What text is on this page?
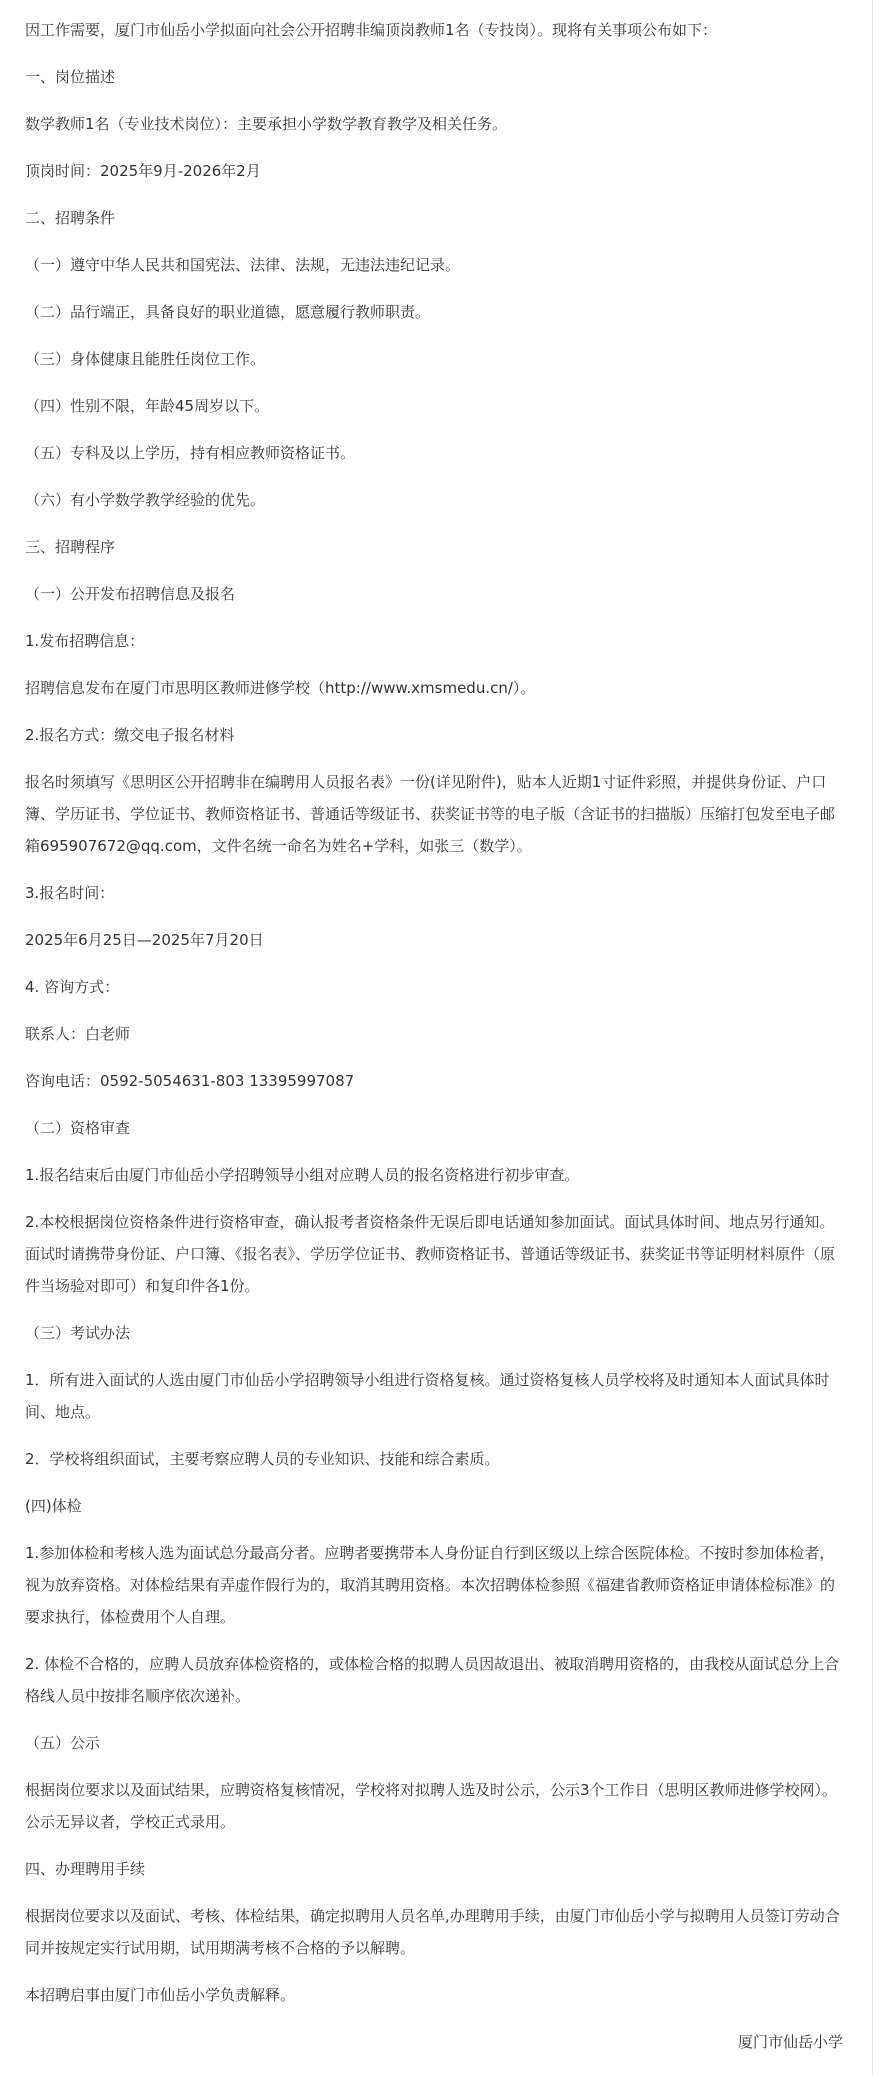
因工作需要，厦门市仙岳小学拟面向社会公开招聘非编顶岗教师1名（专技岗）。现将有关事项公布如下：

一、岗位描述

数学教师1名（专业技术岗位）：主要承担小学数学教育教学及相关任务。

顶岗时间：2025年9月-2026年2月

二、招聘条件

（一）遵守中华人民共和国宪法、法律、法规，无违法违纪记录。

（二）品行端正，具备良好的职业道德，愿意履行教师职责。

（三）身体健康且能胜任岗位工作。

（四）性别不限，年龄45周岁以下。

（五）专科及以上学历，持有相应教师资格证书。

（六）有小学数学教学经验的优先。

三、招聘程序

（一）公开发布招聘信息及报名

1.发布招聘信息：

招聘信息发布在厦门市思明区教师进修学校（http://www.xmsmedu.cn/）。

2.报名方式：缴交电子报名材料

报名时须填写《思明区公开招聘非在编聘用人员报名表》一份(详见附件)，贴本人近期1寸证件彩照，并提供身份证、户口簿、学历证书、学位证书、教师资格证书、普通话等级证书、获奖证书等的电子版（含证书的扫描版）压缩打包发至电子邮箱695907672@qq.com，文件名统一命名为姓名+学科，如张三（数学）。

3.报名时间：

2025年6月25日—2025年7月20日

4. 咨询方式：

联系人：白老师

咨询电话：0592-5054631-803 13395997087

（二）资格审查

1.报名结束后由厦门市仙岳小学招聘领导小组对应聘人员的报名资格进行初步审查。

2.本校根据岗位资格条件进行资格审查，确认报考者资格条件无误后即电话通知参加面试。面试具体时间、地点另行通知。面试时请携带身份证、户口簿、《报名表》、学历学位证书、教师资格证书、普通话等级证书、获奖证书等证明材料原件（原件当场验对即可）和复印件各1份。

（三）考试办法

1．所有进入面试的人选由厦门市仙岳小学招聘领导小组进行资格复核。通过资格复核人员学校将及时通知本人面试具体时间、地点。

2．学校将组织面试，主要考察应聘人员的专业知识、技能和综合素质。

(四)体检

1.参加体检和考核人选为面试总分最高分者。应聘者要携带本人身份证自行到区级以上综合医院体检。不按时参加体检者，视为放弃资格。对体检结果有弄虚作假行为的，取消其聘用资格。本次招聘体检参照《福建省教师资格证申请体检标准》的要求执行，体检费用个人自理。

2. 体检不合格的，应聘人员放弃体检资格的，或体检合格的拟聘人员因故退出、被取消聘用资格的，由我校从面试总分上合格线人员中按排名顺序依次递补。

（五）公示

根据岗位要求以及面试结果，应聘资格复核情况，学校将对拟聘人选及时公示，公示3个工作日（思明区教师进修学校网）。公示无异议者，学校正式录用。

四、办理聘用手续

根据岗位要求以及面试、考核、体检结果，确定拟聘用人员名单,办理聘用手续，由厦门市仙岳小学与拟聘用人员签订劳动合同并按规定实行试用期，试用期满考核不合格的予以解聘。

本招聘启事由厦门市仙岳小学负责解释。

厦门市仙岳小学
